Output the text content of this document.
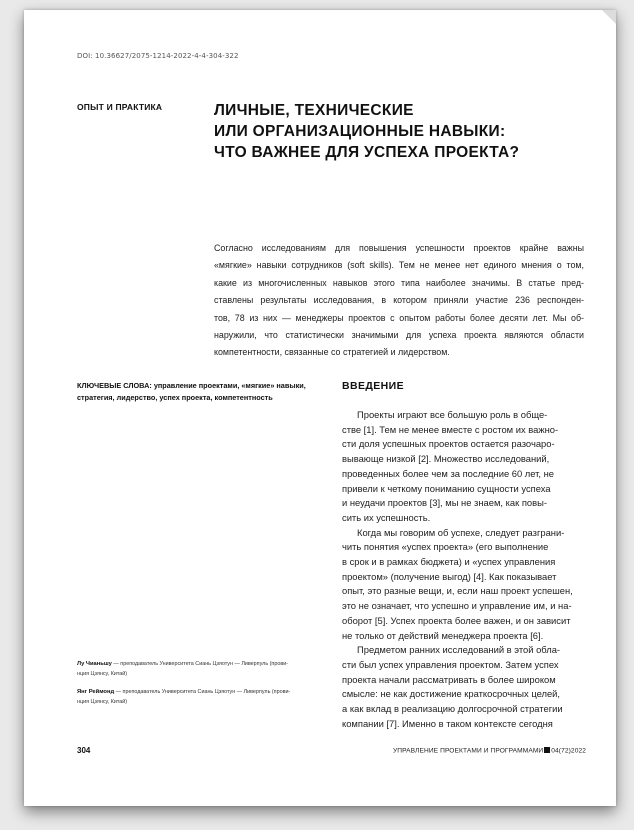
DOI: 10.36627/2075-1214-2022-4-4-304-322
ОПЫТ И ПРАКТИКА	ЛИЧНЫЕ, ТЕХНИЧЕСКИЕ
ИЛИ ОРГАНИЗАЦИОННЫЕ НАВЫКИ:
ЧТО ВАЖНЕЕ ДЛЯ УСПЕХА ПРОЕКТА?
Согласно исследованиям для повышения успешности проектов крайне важны
«мягкие» навыки сотрудников (soft skills). Тем не менее нет единого мнения о том,
какие из многочисленных навыков этого типа наиболее значимы. В статье пред-
ставлены результаты исследования, в котором приняли участие 236 респонден-
тов, 78 из них — менеджеры проектов с опытом работы более десяти лет. Мы об-
наружили, что статистически значимыми для успеха проекта являются области
компетентности, связанные со стратегией и лидерством.
КЛЮЧЕВЫЕ СЛОВА: управление проектами, «мягкие» навыки,
стратегия, лидерство, успех проекта, компетентность
ВВЕДЕНИЕ
Проекты играют все большую роль в обще-
стве [1]. Тем не менее вместе с ростом их важно-
сти доля успешных проектов остается разочаро-
вывающе низкой [2]. Множество исследований,
проведенных более чем за последние 60 лет, не
привели к четкому пониманию сущности успеха
и неудачи проектов [3], мы не знаем, как повы-
сить их успешность.
Когда мы говорим об успехе, следует разграни-
чить понятия «успех проекта» (его выполнение
в срок и в рамках бюджета) и «успех управления
проектом» (получение выгод) [4]. Как показывает
опыт, это разные вещи, и, если наш проект успешен,
это не означает, что успешно и управление им, и на-
оборот [5]. Успех проекта более важен, и он зависит
не только от действий менеджера проекта [6].
Предметом ранних исследований в этой обла-
сти был успех управления проектом. Затем успех
проекта начали рассматривать в более широком
смысле: не как достижение краткосрочных целей,
а как вклад в реализацию долгосрочной стратегии
компании [7]. Именно в таком контексте сегодня
Лу Чианьшу — преподаватель Университета Сиань Цзяотун — Ливерпуль (прови-
нция Цзянсу, Китай)
Янг Реймонд — преподаватель Университета Сиань Цзяотун — Ливерпуль (прови-
нция Цзянсу, Китай)
304	УПРАВЛЕНИЕ ПРОЕКТАМИ И ПРОГРАММАМИ 04(72)2022
